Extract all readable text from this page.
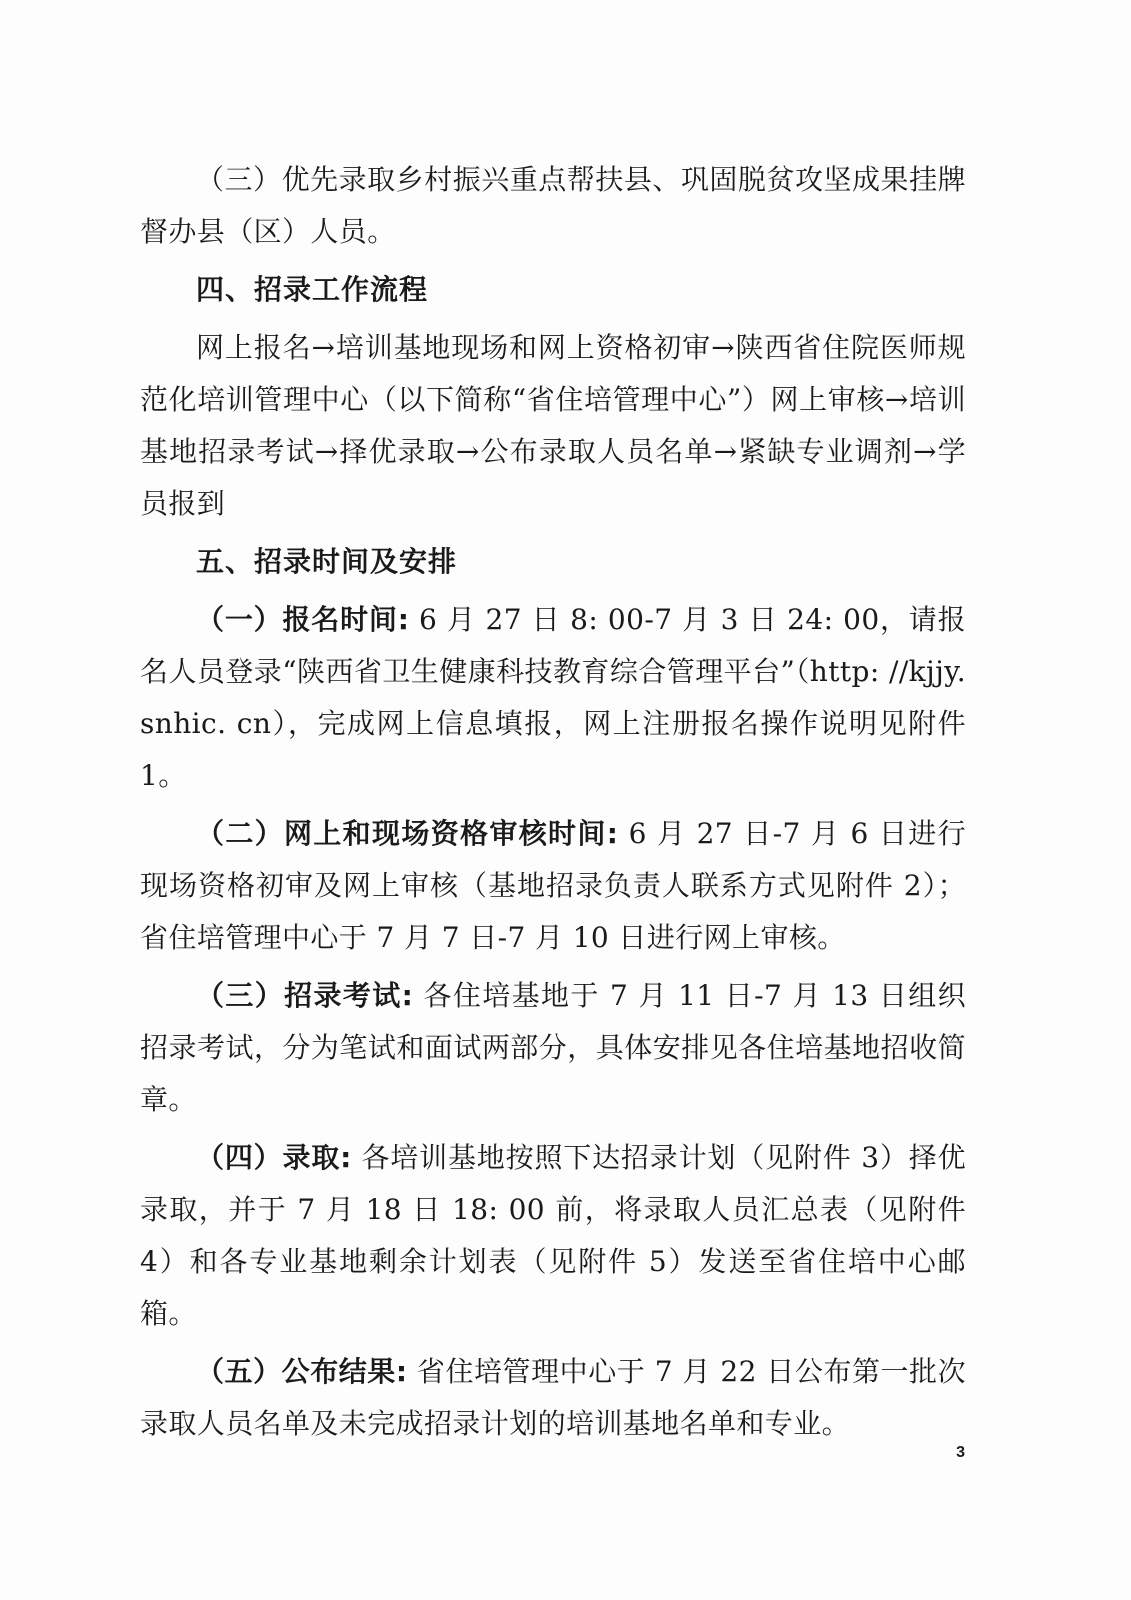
（三）优先录取乡村振兴重点帮扶县、巩固脱贫攻坚成果挂牌督办县（区）人员。

四、招录工作流程

网上报名→培训基地现场和网上资格初审→陕西省住院医师规范化培训管理中心（以下简称“省住培管理中心”）网上审核→培训基地招录考试→择优录取→公布录取人员名单→紧缺专业调剂→学员报到

五、招录时间及安排

（一）报名时间: 6 月 27 日 8: 00-7 月 3 日 24: 00，请报名人员登录“陕西省卫生健康科技教育综合管理平台”（http: //kjjy. snhic. cn），完成网上信息填报，网上注册报名操作说明见附件 1。

（二）网上和现场资格审核时间: 6 月 27 日-7 月 6 日进行现场资格初审及网上审核（基地招录负责人联系方式见附件 2）；省住培管理中心于 7 月 7 日-7 月 10 日进行网上审核。

（三）招录考试: 各住培基地于 7 月 11 日-7 月 13 日组织招录考试，分为笔试和面试两部分，具体安排见各住培基地招收简章。

（四）录取: 各培训基地按照下达招录计划（见附件 3）择优录取，并于 7 月 18 日 18: 00 前，将录取人员汇总表（见附件 4）和各专业基地剩余计划表（见附件 5）发送至省住培中心邮箱。

（五）公布结果: 省住培管理中心于 7 月 22 日公布第一批次录取人员名单及未完成招录计划的培训基地名单和专业。

3
